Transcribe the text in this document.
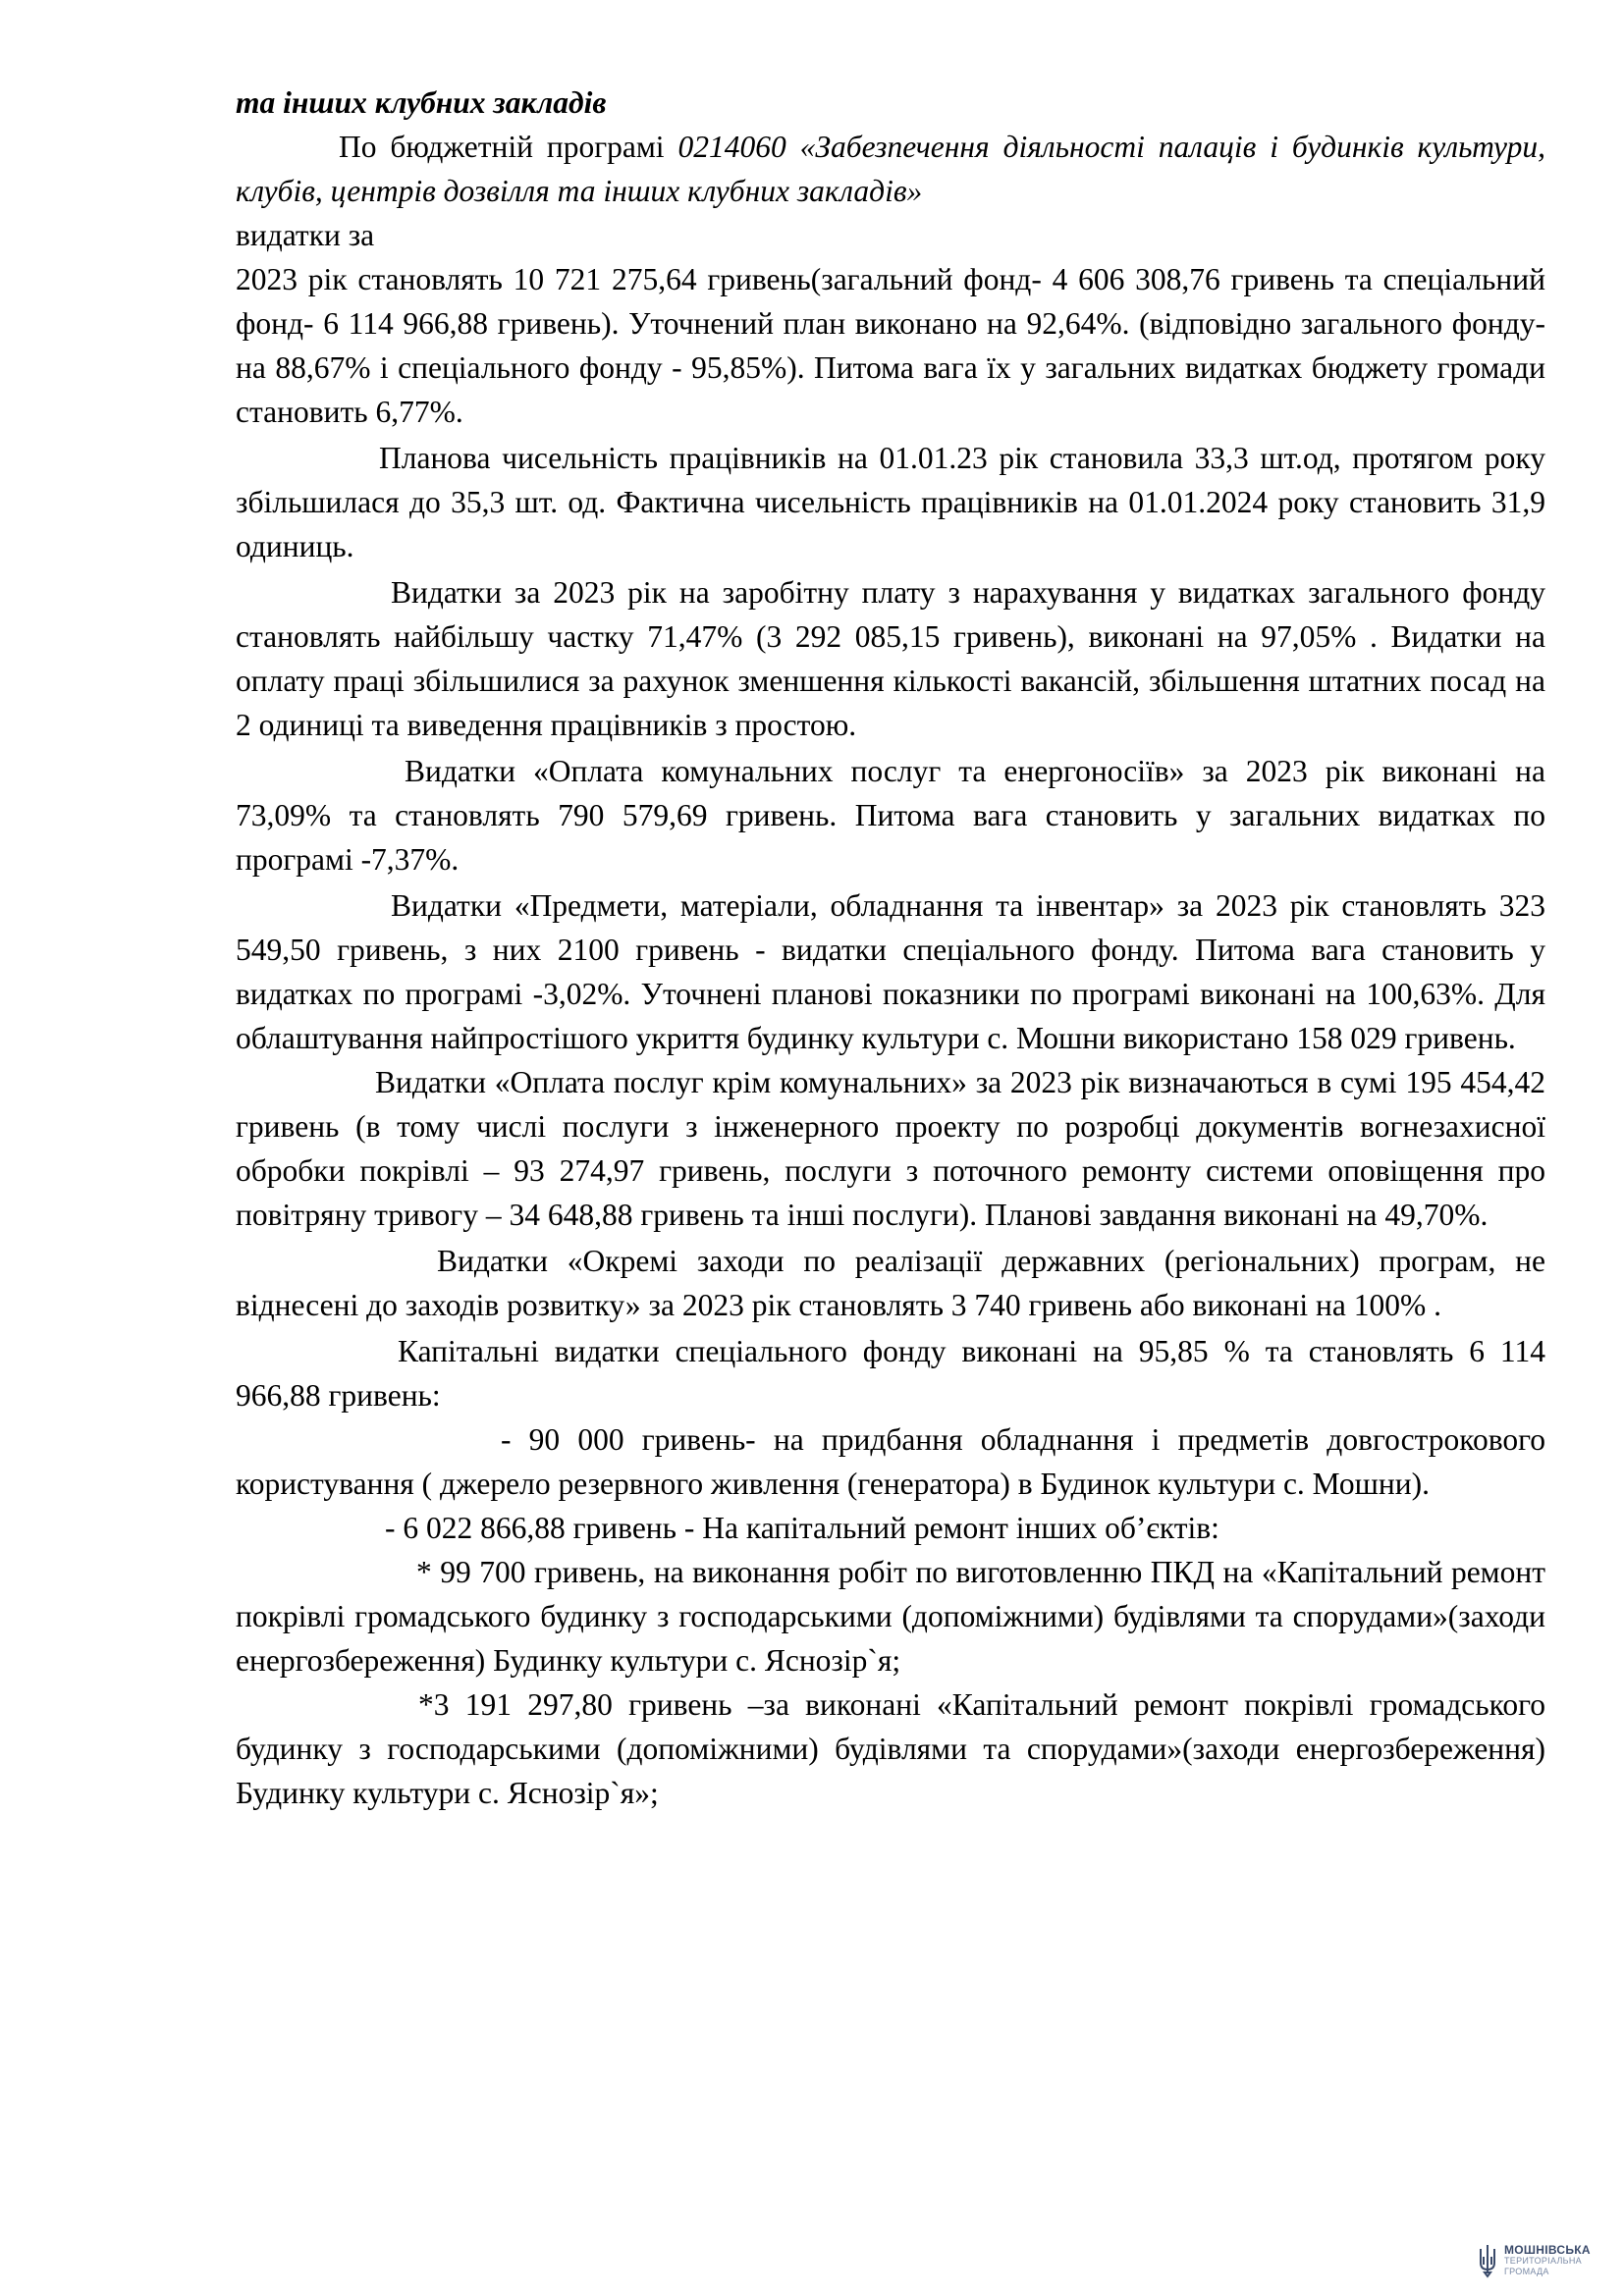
та інших клубних закладів

По бюджетній програмі 0214060 «Забезпечення діяльності палаців і будинків культури, клубів, центрів дозвілля та інших клубних закладів»

видатки за

2023 рік становлять 10 721 275,64 гривень(загальний фонд- 4 606 308,76 гривень та спеціальний фонд- 6 114 966,88 гривень). Уточнений план виконано на 92,64%. (відповідно загального фонду-на 88,67% і спеціального фонду - 95,85%). Питома вага їх у загальних видатках бюджету громади становить 6,77%.

Планова чисельність працівників на 01.01.23 рік становила 33,3 шт.од, протягом року збільшилася до 35,3 шт. од. Фактична чисельність працівників на 01.01.2024 року становить 31,9 одиниць.

Видатки за 2023 рік на заробітну плату з нарахування у видатках загального фонду становлять найбільшу частку 71,47% (3 292 085,15 гривень), виконані на 97,05% . Видатки на оплату праці збільшилися за рахунок зменшення кількості вакансій, збільшення штатних посад на 2 одиниці та виведення працівників з простою.

Видатки «Оплата комунальних послуг та енергоносіїв» за 2023 рік виконані на 73,09% та становлять 790 579,69 гривень. Питома вага становить у загальних видатках по програмі -7,37%.

Видатки «Предмети, матеріали, обладнання та інвентар» за 2023 рік становлять 323 549,50 гривень, з них 2100 гривень - видатки спеціального фонду. Питома вага становить у видатках по програмі -3,02%. Уточнені планові показники по програмі виконані на 100,63%. Для облаштування найпростішого укриття будинку культури с. Мошни використано 158 029 гривень.

Видатки «Оплата послуг крім комунальних» за 2023 рік визначаються в сумі 195 454,42 гривень (в тому числі послуги з інженерного проекту по розробці документів вогнезахисної обробки покрівлі – 93 274,97 гривень, послуги з поточного ремонту системи оповіщення про повітряну тривогу – 34 648,88 гривень та інші послуги). Планові завдання виконані на 49,70%.

Видатки «Окремі заходи по реалізації державних (регіональних) програм, не віднесені до заходів розвитку» за 2023 рік становлять 3 740 гривень або виконані на 100% .

Капітальні видатки спеціального фонду виконані на 95,85 % та становлять 6 114 966,88 гривень:

- 90 000 гривень- на придбання обладнання і предметів довгострокового користування ( джерело резервного живлення (генератора) в Будинок культури с. Мошни).

- 6 022 866,88 гривень - На капітальний ремонт інших об’єктів:

* 99 700 гривень, на виконання робіт по виготовленню ПКД на «Капітальний ремонт покрівлі громадського будинку з господарськими (допоміжними) будівлями та спорудами»(заходи енергозбереження) Будинку культури с. Яснозір`я;

*3 191 297,80 гривень –за виконані «Капітальний ремонт покрівлі громадського будинку з господарськими (допоміжними) будівлями та спорудами»(заходи енергозбереження) Будинку культури с. Яснозір`я»;

МОШНІВСЬКА
ТЕРИТОРІАЛЬНА
ГРОМАДА
